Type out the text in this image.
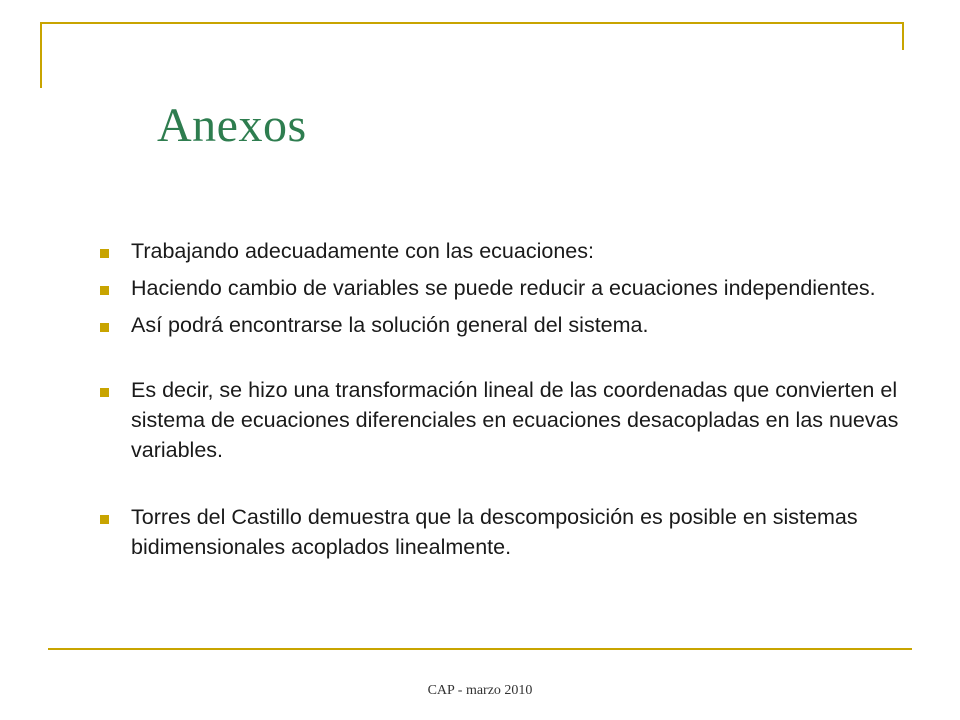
Anexos
Trabajando adecuadamente con las ecuaciones:
Haciendo cambio de variables se puede reducir a ecuaciones independientes.
Así podrá encontrarse la solución general del sistema.
Es decir, se hizo una transformación lineal de las coordenadas que convierten el sistema de ecuaciones diferenciales en ecuaciones desacopladas en las nuevas variables.
Torres del Castillo demuestra que la descomposición es posible en sistemas bidimensionales acoplados linealmente.
CAP - marzo 2010
